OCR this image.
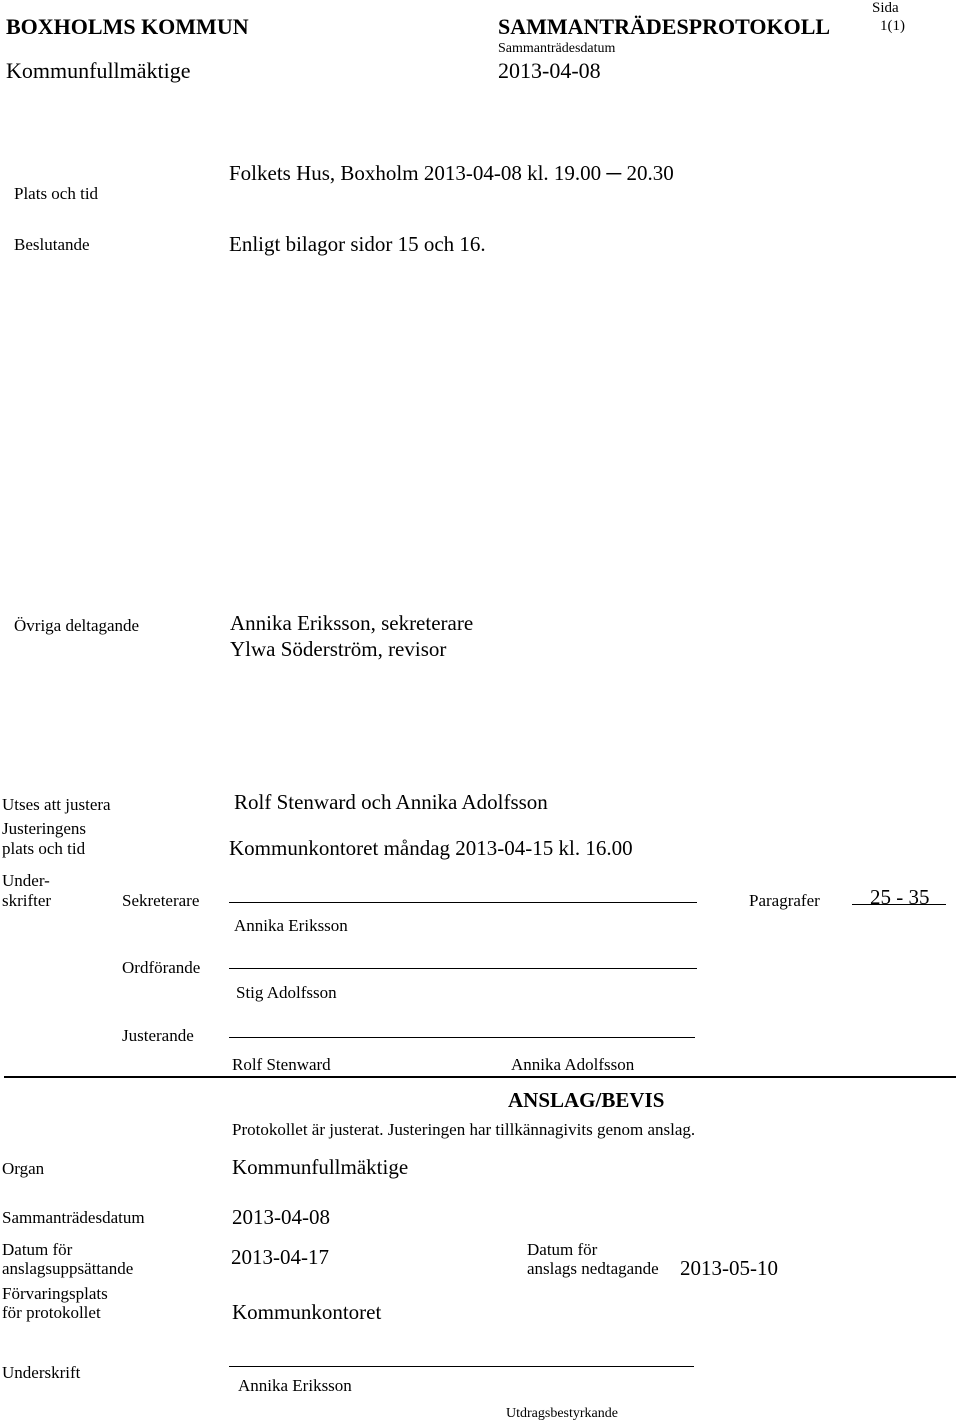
BOXHOLMS KOMMUN	SAMMANTRÄDESPROTOKOLL
Sida
1(1)
Sammanträdesdatum
Kommunfullmäktige	2013-04-08
Plats och tid
Folkets Hus, Boxholm 2013-04-08 kl. 19.00 ─ 20.30
Beslutande	Enligt bilagor sidor 15 och 16.
Övriga deltagande	Annika Eriksson, sekreterare
Ylwa Söderström, revisor
Utses att justera	Rolf Stenward och Annika Adolfsson
Justeringens
plats och tid	Kommunkontoret måndag 2013-04-15 kl. 16.00
Under-
skrifter	Sekreterare
Annika Eriksson
Paragrafer 25 - 35
Ordförande
Stig Adolfsson
Justerande
Rolf Stenward	Annika Adolfsson
ANSLAG/BEVIS
Protokollet är justerat. Justeringen har tillkännagivits genom anslag.
Organ	Kommunfullmäktige
Sammanträdesdatum	2013-04-08
Datum för
anslagsuppsättande	2013-04-17	Datum för
anslags nedtagande 2013-05-10
Förvaringsplats
för protokollet	Kommunkontoret
Underskrift
Annika Eriksson
Utdragsbestyrkande
